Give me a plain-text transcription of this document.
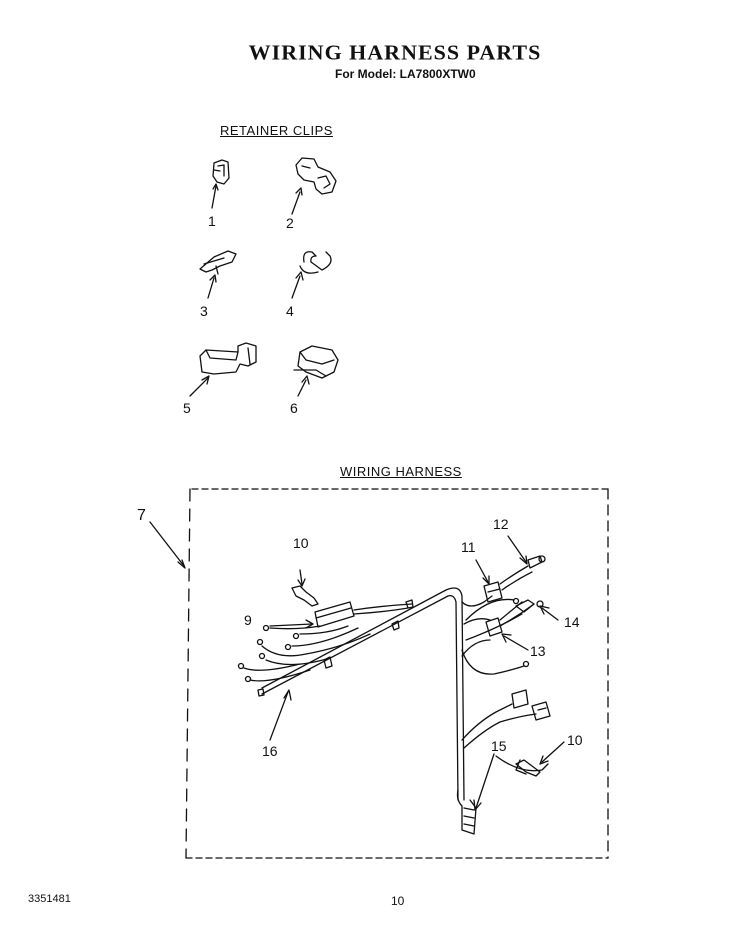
WIRING HARNESS PARTS
For Model: LA7800XTW0
RETAINER CLIPS
WIRING HARNESS
1	2
3	4
5	6
7
9
10
10
11
12
13
14
15
16
3351481	10
